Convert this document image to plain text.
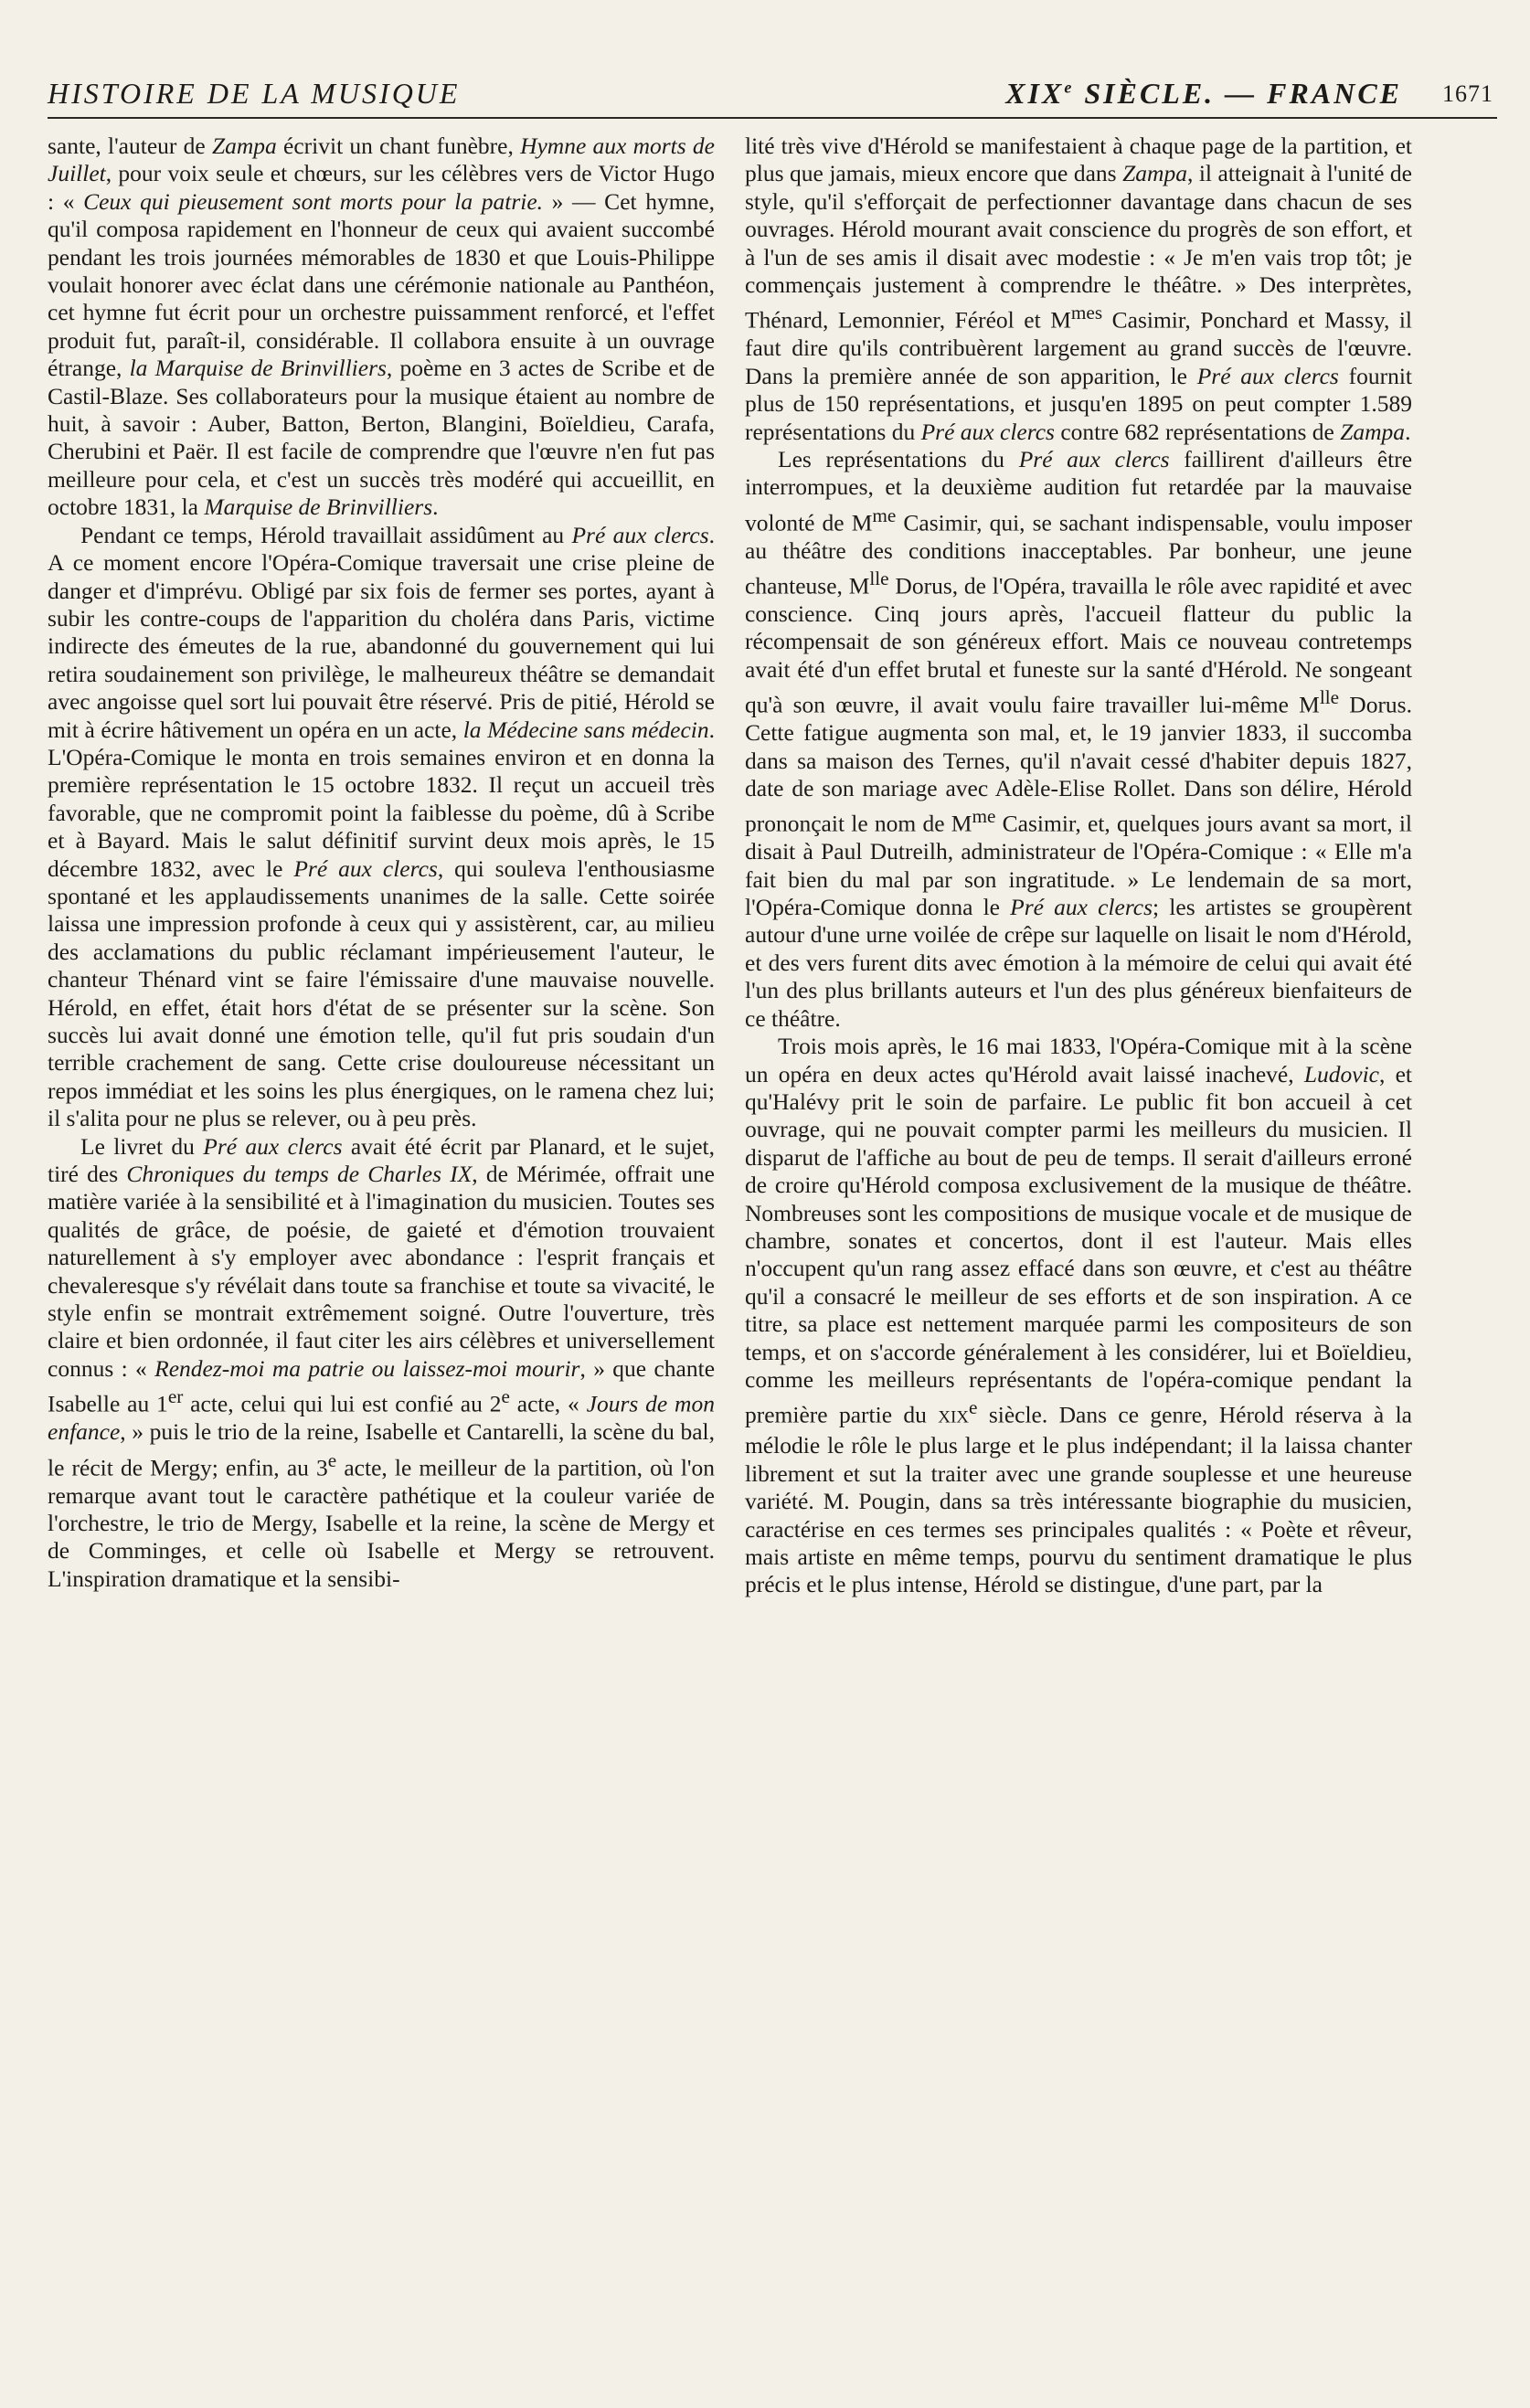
HISTOIRE DE LA MUSIQUE	XIXe SIÈCLE. — FRANCE 1671

sante, l'auteur de Zampa écrivit un chant funèbre, Hymne aux morts de Juillet, pour voix seule et chœurs, sur les célèbres vers de Victor Hugo : « Ceux qui pieusement sont morts pour la patrie. » — Cet hymne, qu'il composa rapidement en l'honneur de ceux qui avaient succombé pendant les trois journées mémorables de 1830 et que Louis-Philippe voulait honorer avec éclat dans une cérémonie nationale au Panthéon, cet hymne fut écrit pour un orchestre puissamment renforcé, et l'effet produit fut, paraît-il, considérable. Il collabora ensuite à un ouvrage étrange, la Marquise de Brinvilliers, poème en 3 actes de Scribe et de Castil-Blaze. Ses collaborateurs pour la musique étaient au nombre de huit, à savoir : Auber, Batton, Berton, Blangini, Boïeldieu, Carafa, Cherubini et Paër. Il est facile de comprendre que l'œuvre n'en fut pas meilleure pour cela, et c'est un succès très modéré qui accueillit, en octobre 1831, la Marquise de Brinvilliers.

Pendant ce temps, Hérold travaillait assidûment au Pré aux clercs. A ce moment encore l'Opéra-Comique traversait une crise pleine de danger et d'imprévu. Obligé par six fois de fermer ses portes, ayant à subir les contre-coups de l'apparition du choléra dans Paris, victime indirecte des émeutes de la rue, abandonné du gouvernement qui lui retira soudainement son privilège, le malheureux théâtre se demandait avec angoisse quel sort lui pouvait être réservé. Pris de pitié, Hérold se mit à écrire hâtivement un opéra en un acte, la Médecine sans médecin. L'Opéra-Comique le monta en trois semaines environ et en donna la première représentation le 15 octobre 1832. Il reçut un accueil très favorable, que ne compromit point la faiblesse du poème, dû à Scribe et à Bayard. Mais le salut définitif survint deux mois après, le 15 décembre 1832, avec le Pré aux clercs, qui souleva l'enthousiasme spontané et les applaudissements unanimes de la salle. Cette soirée laissa une impression profonde à ceux qui y assistèrent, car, au milieu des acclamations du public réclamant impérieusement l'auteur, le chanteur Thénard vint se faire l'émissaire d'une mauvaise nouvelle. Hérold, en effet, était hors d'état de se présenter sur la scène. Son succès lui avait donné une émotion telle, qu'il fut pris soudain d'un terrible crachement de sang. Cette crise douloureuse nécessitant un repos immédiat et les soins les plus énergiques, on le ramena chez lui; il s'alita pour ne plus se relever, ou à peu près.

Le livret du Pré aux clercs avait été écrit par Planard, et le sujet, tiré des Chroniques du temps de Charles IX, de Mérimée, offrait une matière variée à la sensibilité et à l'imagination du musicien. Toutes ses qualités de grâce, de poésie, de gaieté et d'émotion trouvaient naturellement à s'y employer avec abondance : l'esprit français et chevaleresque s'y révélait dans toute sa franchise et toute sa vivacité, le style enfin se montrait extrêmement soigné. Outre l'ouverture, très claire et bien ordonnée, il faut citer les airs célèbres et universellement connus : « Rendez-moi ma patrie ou laissez-moi mourir, » que chante Isabelle au 1er acte, celui qui lui est confié au 2e acte, « Jours de mon enfance, » puis le trio de la reine, Isabelle et Cantarelli, la scène du bal, le récit de Mergy; enfin, au 3e acte, le meilleur de la partition, où l'on remarque avant tout le caractère pathétique et la couleur variée de l'orchestre, le trio de Mergy, Isabelle et la reine, la scène de Mergy et de Comminges, et celle où Isabelle et Mergy se retrouvent. L'inspiration dramatique et la sensibi-

lité très vive d'Hérold se manifestaient à chaque page de la partition, et plus que jamais, mieux encore que dans Zampa, il atteignait à l'unité de style, qu'il s'efforçait de perfectionner davantage dans chacun de ses ouvrages. Hérold mourant avait conscience du progrès de son effort, et à l'un de ses amis il disait avec modestie : « Je m'en vais trop tôt; je commençais justement à comprendre le théâtre. » Des interprètes, Thénard, Lemonnier, Féréol et $M^{mes}$ Casimir, Ponchard et Massy, il faut dire qu'ils contribuèrent largement au grand succès de l'œuvre. Dans la première année de son apparition, le Pré aux clercs fournit plus de 150 représentations, et jusqu'en 1895 on peut compter 1.589 représentations du Pré aux clercs contre 682 représentations de Zampa.

Les représentations du Pré aux clercs faillirent d'ailleurs être interrompues, et la deuxième audition fut retardée par la mauvaise volonté de $M^{me}$ Casimir, qui, se sachant indispensable, voulu imposer au théâtre des conditions inacceptables. Par bonheur, une jeune chanteuse, $M^{lle}$ Dorus, de l'Opéra, travailla le rôle avec rapidité et avec conscience. Cinq jours après, l'accueil flatteur du public la récompensait de son généreux effort. Mais ce nouveau contretemps avait été d'un effet brutal et funeste sur la santé d'Hérold. Ne songeant qu'à son œuvre, il avait voulu faire travailler lui-même $M^{lle}$ Dorus. Cette fatigue augmenta son mal, et, le 19 janvier 1833, il succomba dans sa maison des Ternes, qu'il n'avait cessé d'habiter depuis 1827, date de son mariage avec Adèle-Elise Rollet. Dans son délire, Hérold prononçait le nom de $M^{me}$ Casimir, et, quelques jours avant sa mort, il disait à Paul Dutreilh, administrateur de l'Opéra-Comique : « Elle m'a fait bien du mal par son ingratitude. » Le lendemain de sa mort, l'Opéra-Comique donna le Pré aux clercs; les artistes se groupèrent autour d'une urne voilée de crêpe sur laquelle on lisait le nom d'Hérold, et des vers furent dits avec émotion à la mémoire de celui qui avait été l'un des plus brillants auteurs et l'un des plus généreux bienfaiteurs de ce théâtre.

Trois mois après, le 16 mai 1833, l'Opéra-Comique mit à la scène un opéra en deux actes qu'Hérold avait laissé inachevé, Ludovic, et qu'Halévy prit le soin de parfaire. Le public fit bon accueil à cet ouvrage, qui ne pouvait compter parmi les meilleurs du musicien. Il disparut de l'affiche au bout de peu de temps. Il serait d'ailleurs erroné de croire qu'Hérold composa exclusivement de la musique de théâtre. Nombreuses sont les compositions de musique vocale et de musique de chambre, sonates et concertos, dont il est l'auteur. Mais elles n'occupent qu'un rang assez effacé dans son œuvre, et c'est au théâtre qu'il a consacré le meilleur de ses efforts et de son inspiration. A ce titre, sa place est nettement marquée parmi les compositeurs de son temps, et on s'accorde généralement à les considérer, lui et Boïeldieu, comme les meilleurs représentants de l'opéra-comique pendant la première partie du XIXe siècle. Dans ce genre, Hérold réserva à la mélodie le rôle le plus large et le plus indépendant; il la laissa chanter librement et sut la traiter avec une grande souplesse et une heureuse variété. M. Pougin, dans sa très intéressante biographie du musicien, caractérise en ces termes ses principales qualités : « Poète et rêveur, mais artiste en même temps, pourvu du sentiment dramatique le plus précis et le plus intense, Hérold se distingue, d'une part, par la
